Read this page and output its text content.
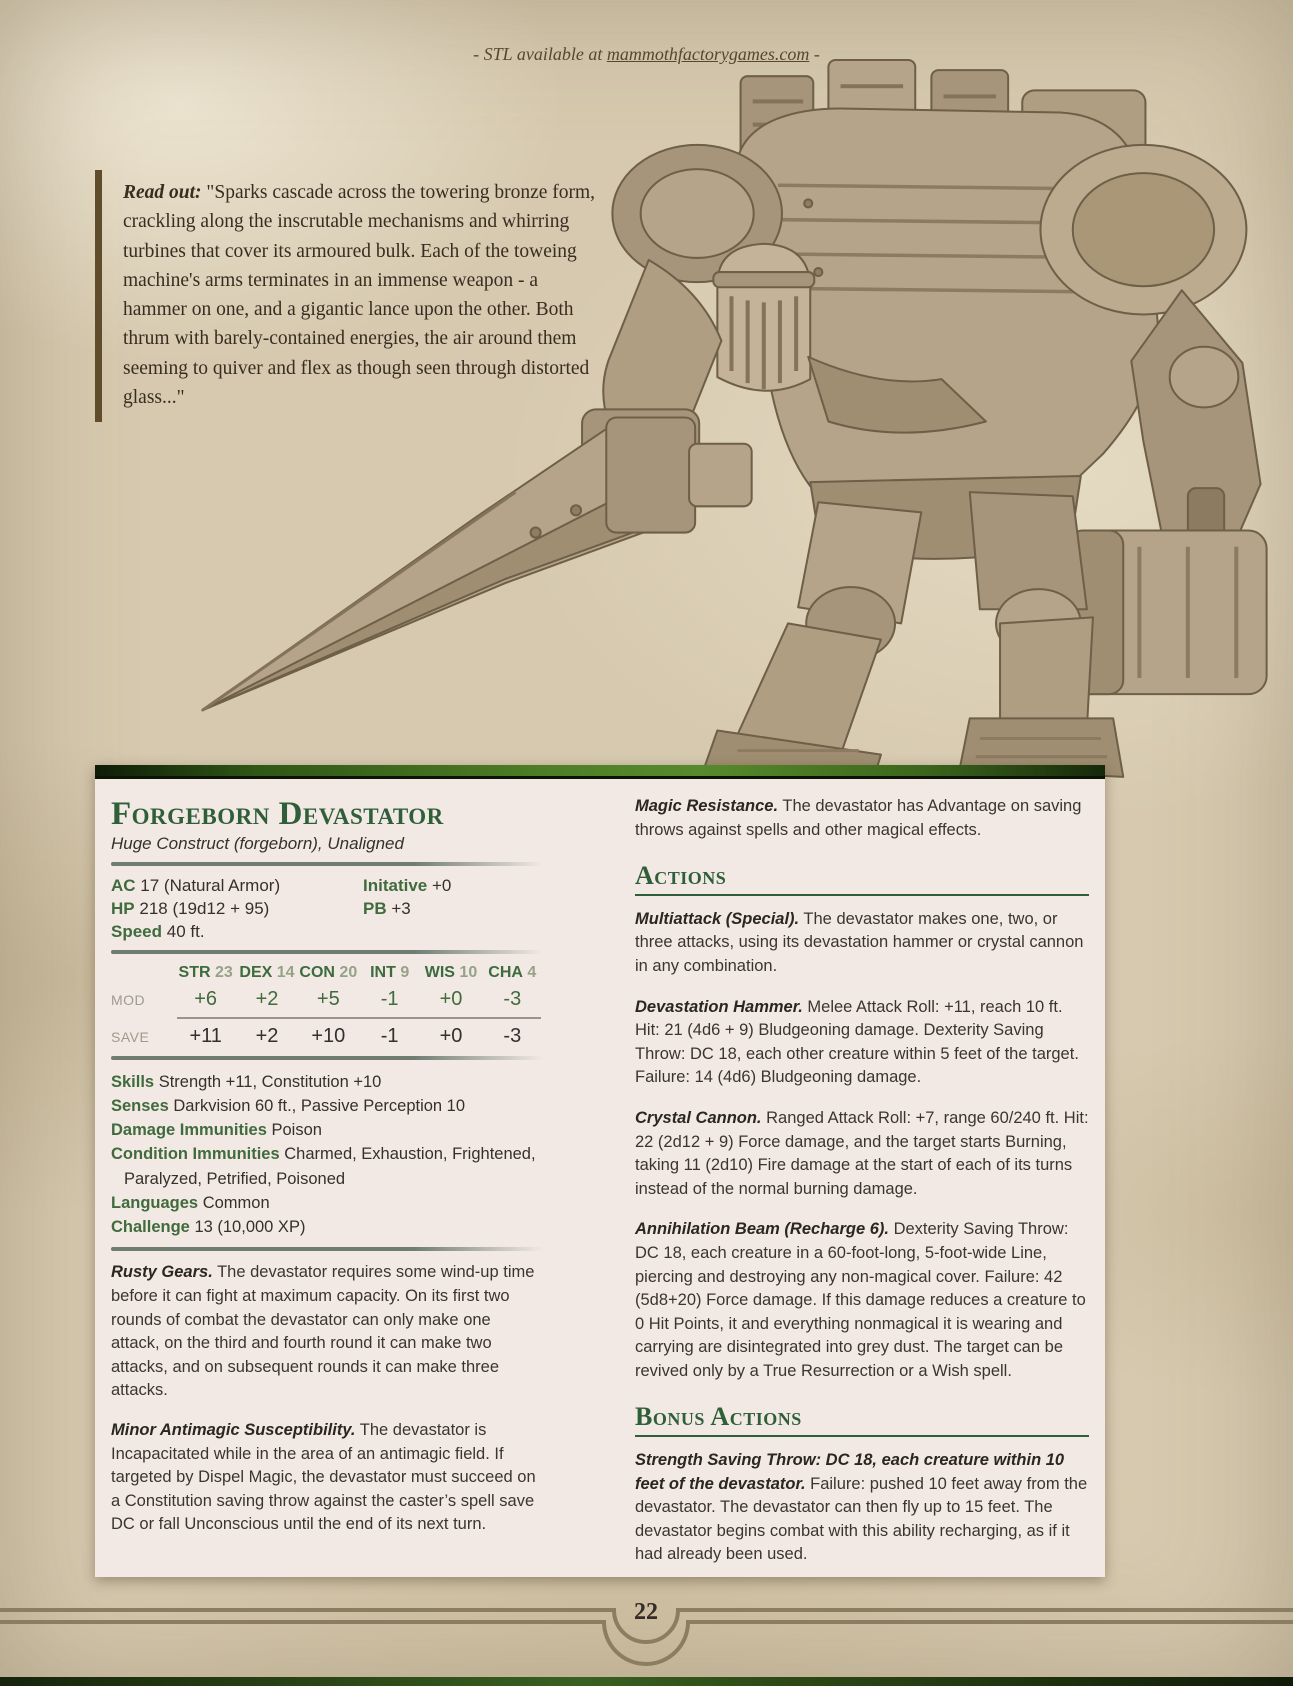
- STL available at mammothfactorygames.com -
Read out: "Sparks cascade across the towering bronze form, crackling along the inscrutable mechanisms and whirring turbines that cover its armoured bulk. Each of the toweing machine's arms terminates in an immense weapon - a hammer on one, and a gigantic lance upon the other. Both thrum with barely-contained energies, the air around them seeming to quiver and flex as though seen through distorted glass..."
Forgeborn Devastator
Huge Construct (forgeborn), Unaligned
AC 17 (Natural Armor)	Initative +0
HP 218 (19d12 + 95)	PB +3
Speed 40 ft.
STR 23 DEX 14 CON 20 INT 9 WIS 10 CHA 4
MOD	+6	+2	+5	-1	+0	-3
SAVE	+11	+2	+10	-1	+0	-3
Skills Strength +11, Constitution +10
Senses Darkvision 60 ft., Passive Perception 10
Damage Immunities Poison
Condition Immunities Charmed, Exhaustion, Frightened, Paralyzed, Petrified, Poisoned
Languages Common
Challenge 13 (10,000 XP)
Rusty Gears. The devastator requires some wind-up time before it can fight at maximum capacity. On its first two rounds of combat the devastator can only make one attack, on the third and fourth round it can make two attacks, and on subsequent rounds it can make three attacks.
Minor Antimagic Susceptibility. The devastator is Incapacitated while in the area of an antimagic field. If targeted by Dispel Magic, the devastator must succeed on a Constitution saving throw against the caster’s spell save DC or fall Unconscious until the end of its next turn.
Magic Resistance. The devastator has Advantage on saving throws against spells and other magical effects.
Actions
Multiattack (Special). The devastator makes one, two, or three attacks, using its devastation hammer or crystal cannon in any combination.
Devastation Hammer. Melee Attack Roll: +11, reach 10 ft. Hit: 21 (4d6 + 9) Bludgeoning damage. Dexterity Saving Throw: DC 18, each other creature within 5 feet of the target. Failure: 14 (4d6) Bludgeoning damage.
Crystal Cannon. Ranged Attack Roll: +7, range 60/240 ft. Hit: 22 (2d12 + 9) Force damage, and the target starts Burning, taking 11 (2d10) Fire damage at the start of each of its turns instead of the normal burning damage.
Annihilation Beam (Recharge 6). Dexterity Saving Throw: DC 18, each creature in a 60-foot-long, 5-foot-wide Line, piercing and destroying any non-magical cover. Failure: 42 (5d8+20) Force damage. If this damage reduces a creature to 0 Hit Points, it and everything nonmagical it is wearing and carrying are disintegrated into grey dust. The target can be revived only by a True Resurrection or a Wish spell.
Bonus Actions
Strength Saving Throw: DC 18, each creature within 10 feet of the devastator. Failure: pushed 10 feet away from the devastator. The devastator can then fly up to 15 feet. The devastator begins combat with this ability recharging, as if it had already been used.
22
